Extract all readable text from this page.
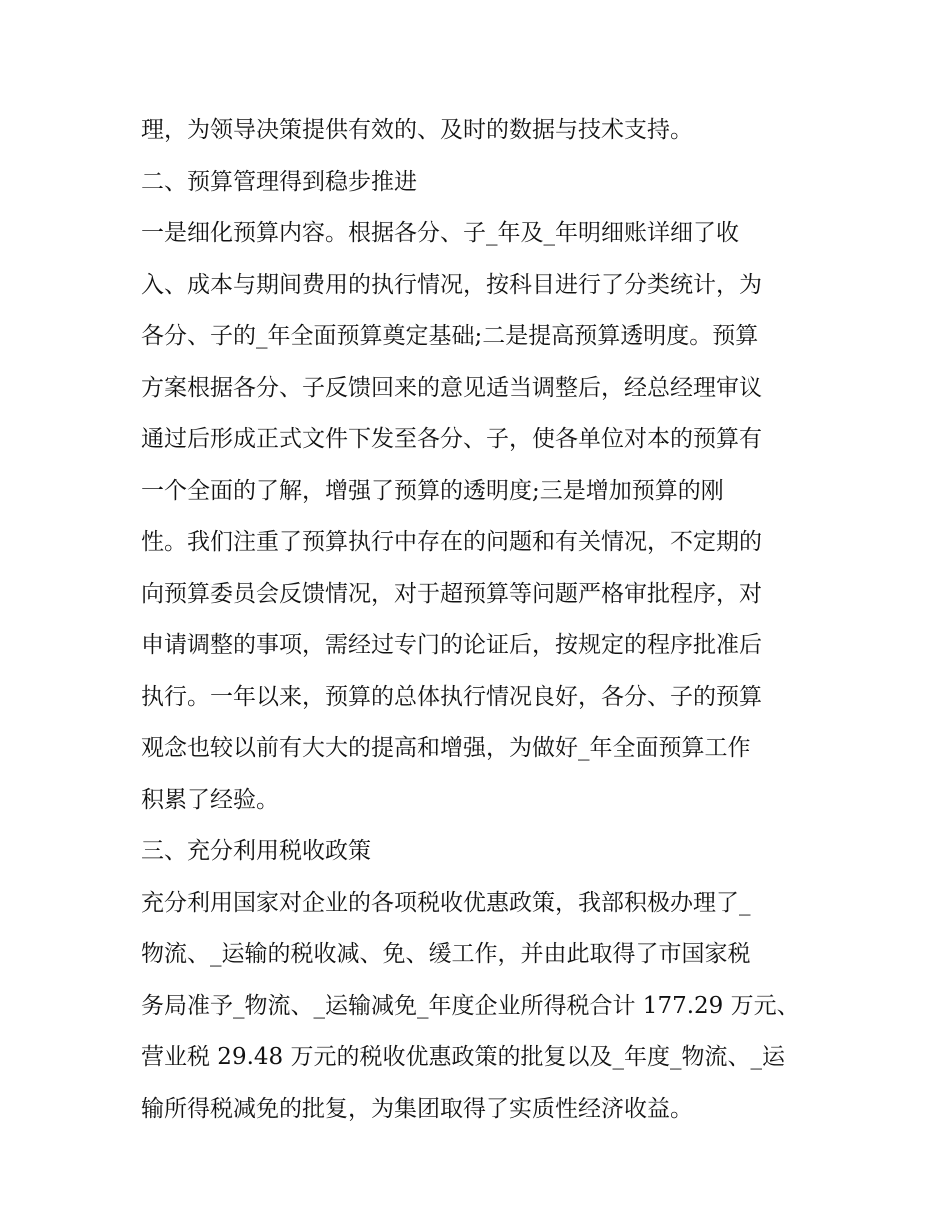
理，为领导决策提供有效的、及时的数据与技术支持。
二、预算管理得到稳步推进
一是细化预算内容。根据各分、子_年及_年明细账详细了收
入、成本与期间费用的执行情况，按科目进行了分类统计，为
各分、子的_年全面预算奠定基础;二是提高预算透明度。预算
方案根据各分、子反馈回来的意见适当调整后，经总经理审议
通过后形成正式文件下发至各分、子，使各单位对本的预算有
一个全面的了解，增强了预算的透明度;三是增加预算的刚
性。我们注重了预算执行中存在的问题和有关情况，不定期的
向预算委员会反馈情况，对于超预算等问题严格审批程序，对
申请调整的事项，需经过专门的论证后，按规定的程序批准后
执行。一年以来，预算的总体执行情况良好，各分、子的预算
观念也较以前有大大的提高和增强，为做好_年全面预算工作
积累了经验。
三、充分利用税收政策
充分利用国家对企业的各项税收优惠政策，我部积极办理了_
物流、_运输的税收减、免、缓工作，并由此取得了市国家税
务局准予_物流、_运输减免_年度企业所得税合计 177.29 万元、
营业税 29.48 万元的税收优惠政策的批复以及_年度_物流、_运
输所得税减免的批复，为集团取得了实质性经济收益。
